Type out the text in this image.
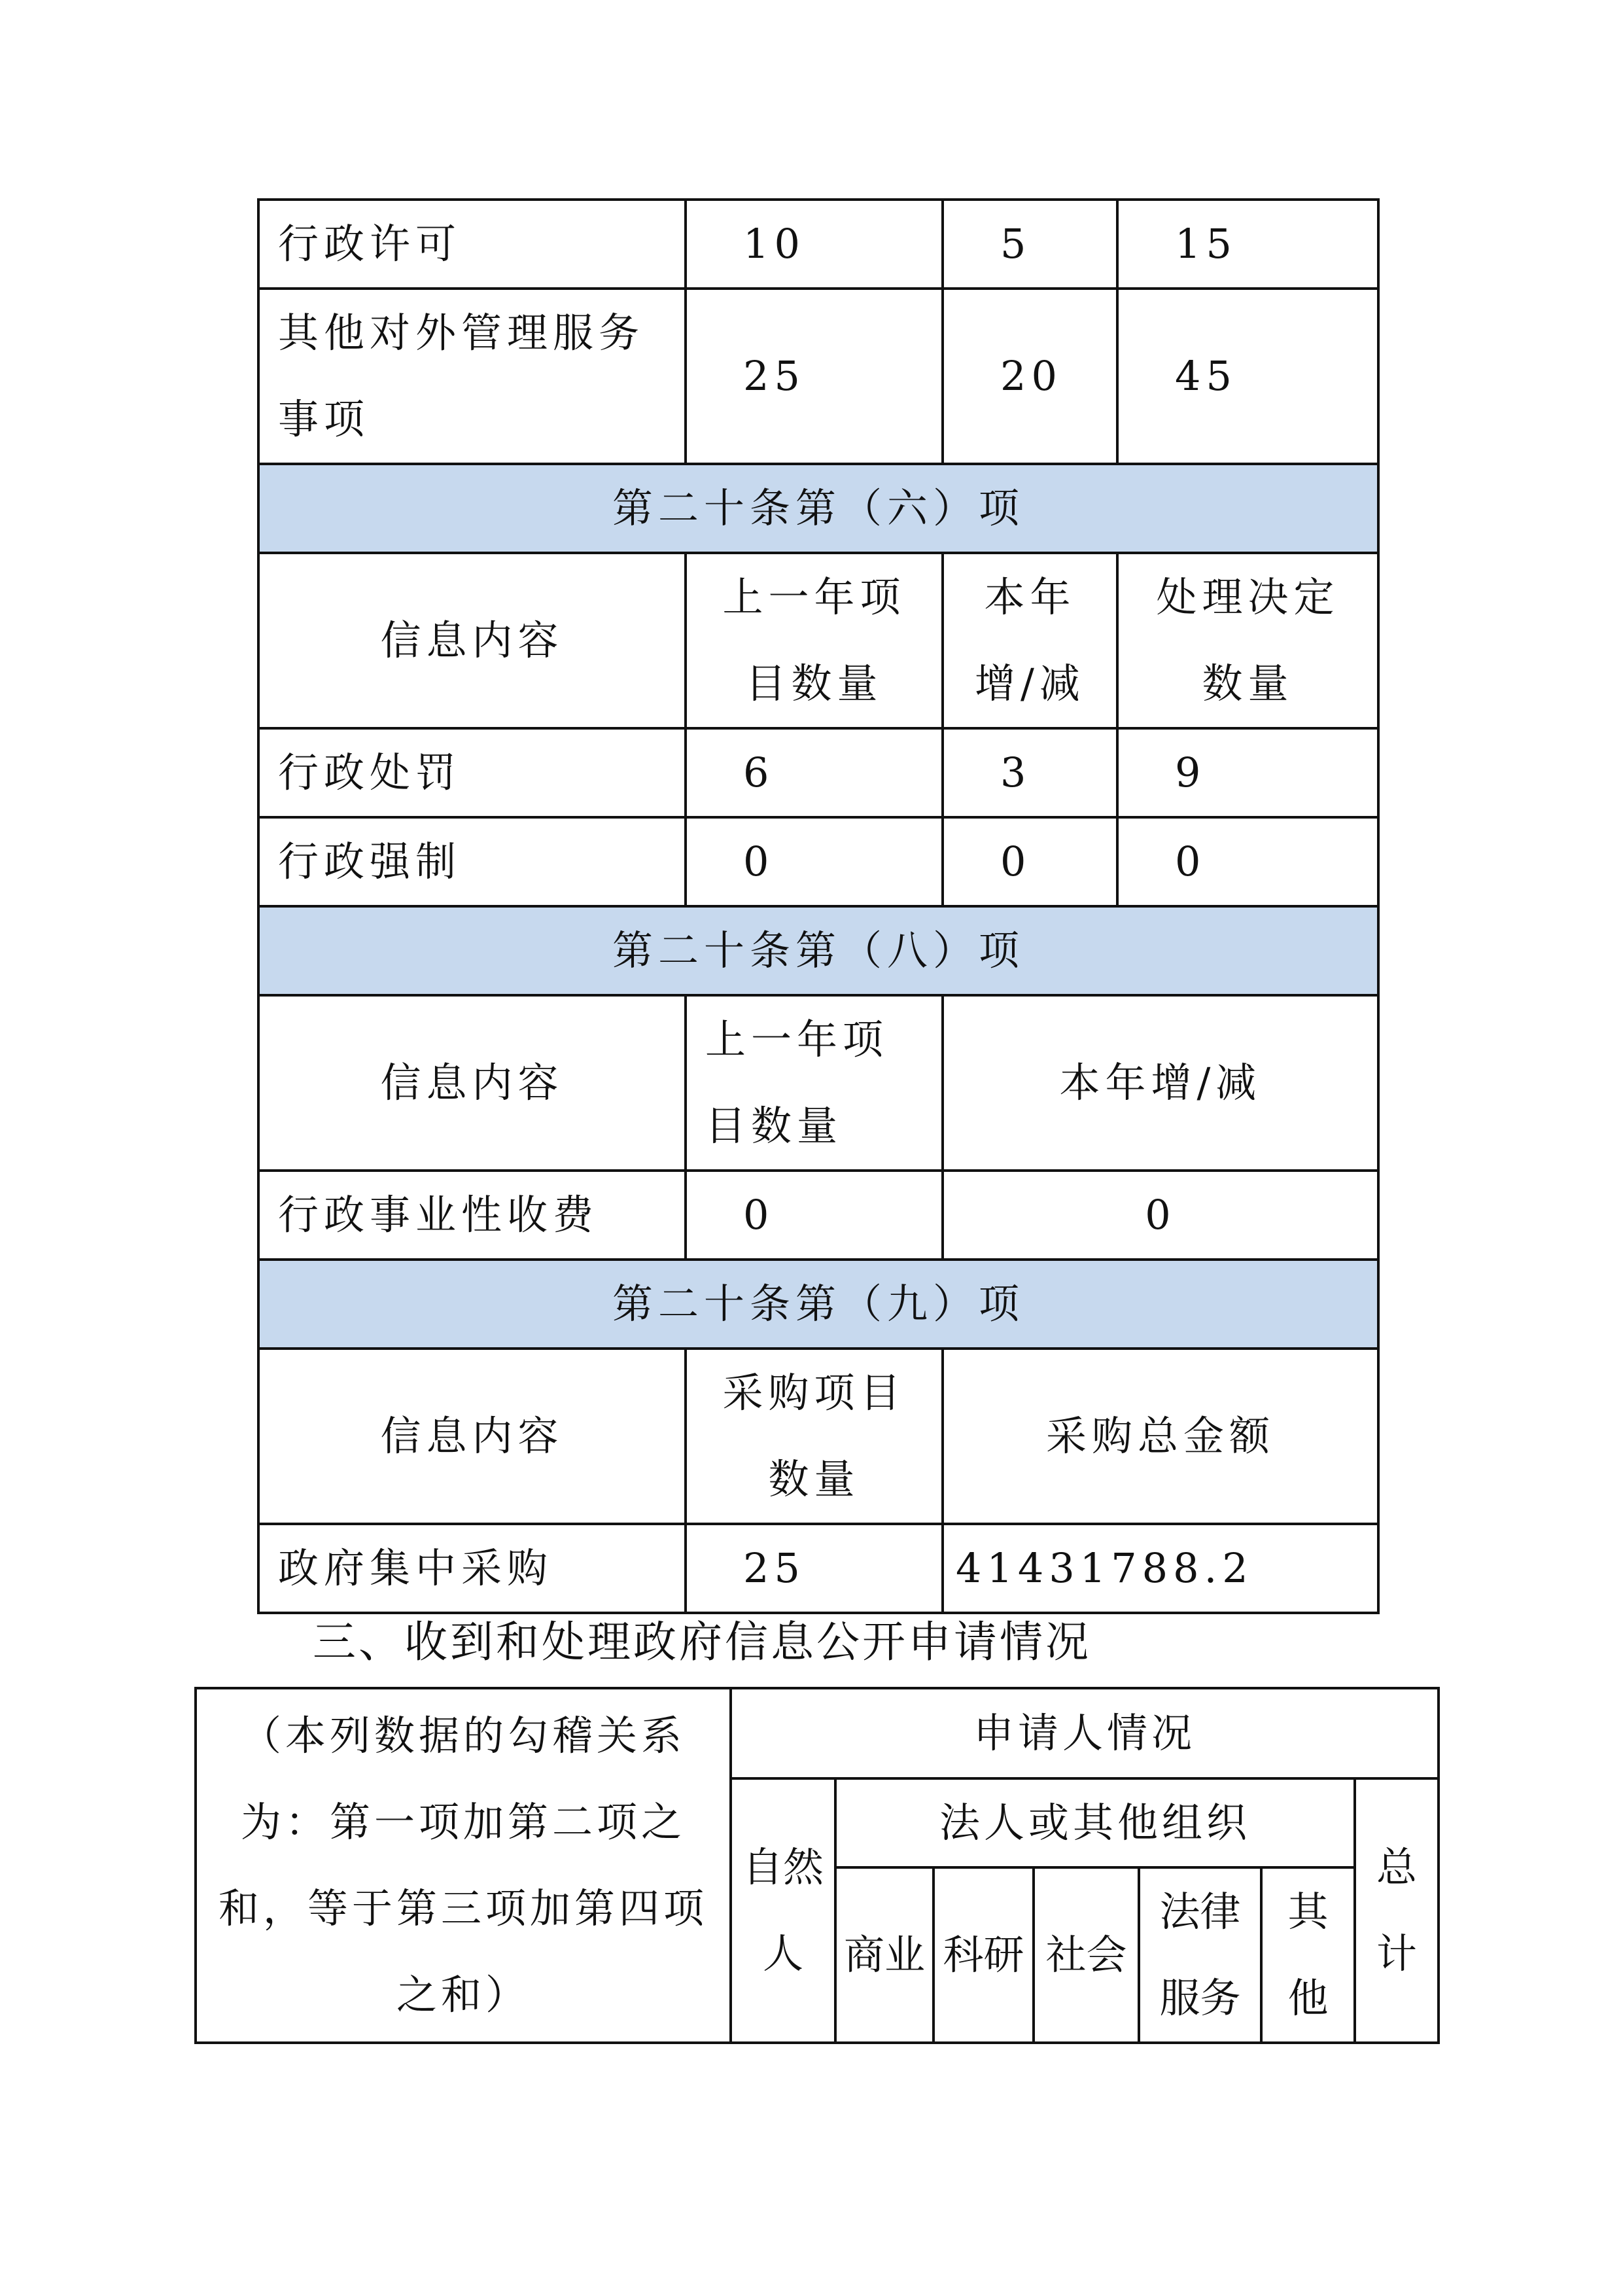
行政许可	10	5	15
其他对外管理服务事项	25	20	45
第二十条第（六）项			
信息内容	上一年项目数量	本年增/减	处理决定数量
行政处罚	6	3	9
行政强制	0	0	0
第二十条第（八）项			
信息内容	上一年项目数量	本年增/减	
行政事业性收费	0	0	
第二十条第（九）项			
信息内容	采购项目数量	采购总金额	
政府集中采购	25	41431788.2	
三、收到和处理政府信息公开申请情况
（本列数据的勾稽关系为：第一项加第二项之和，等于第三项加第四项之和）	申请人情况						
	自然人	法人或其他组织					总计
		商业	科研	社会	法律服务	其他	
